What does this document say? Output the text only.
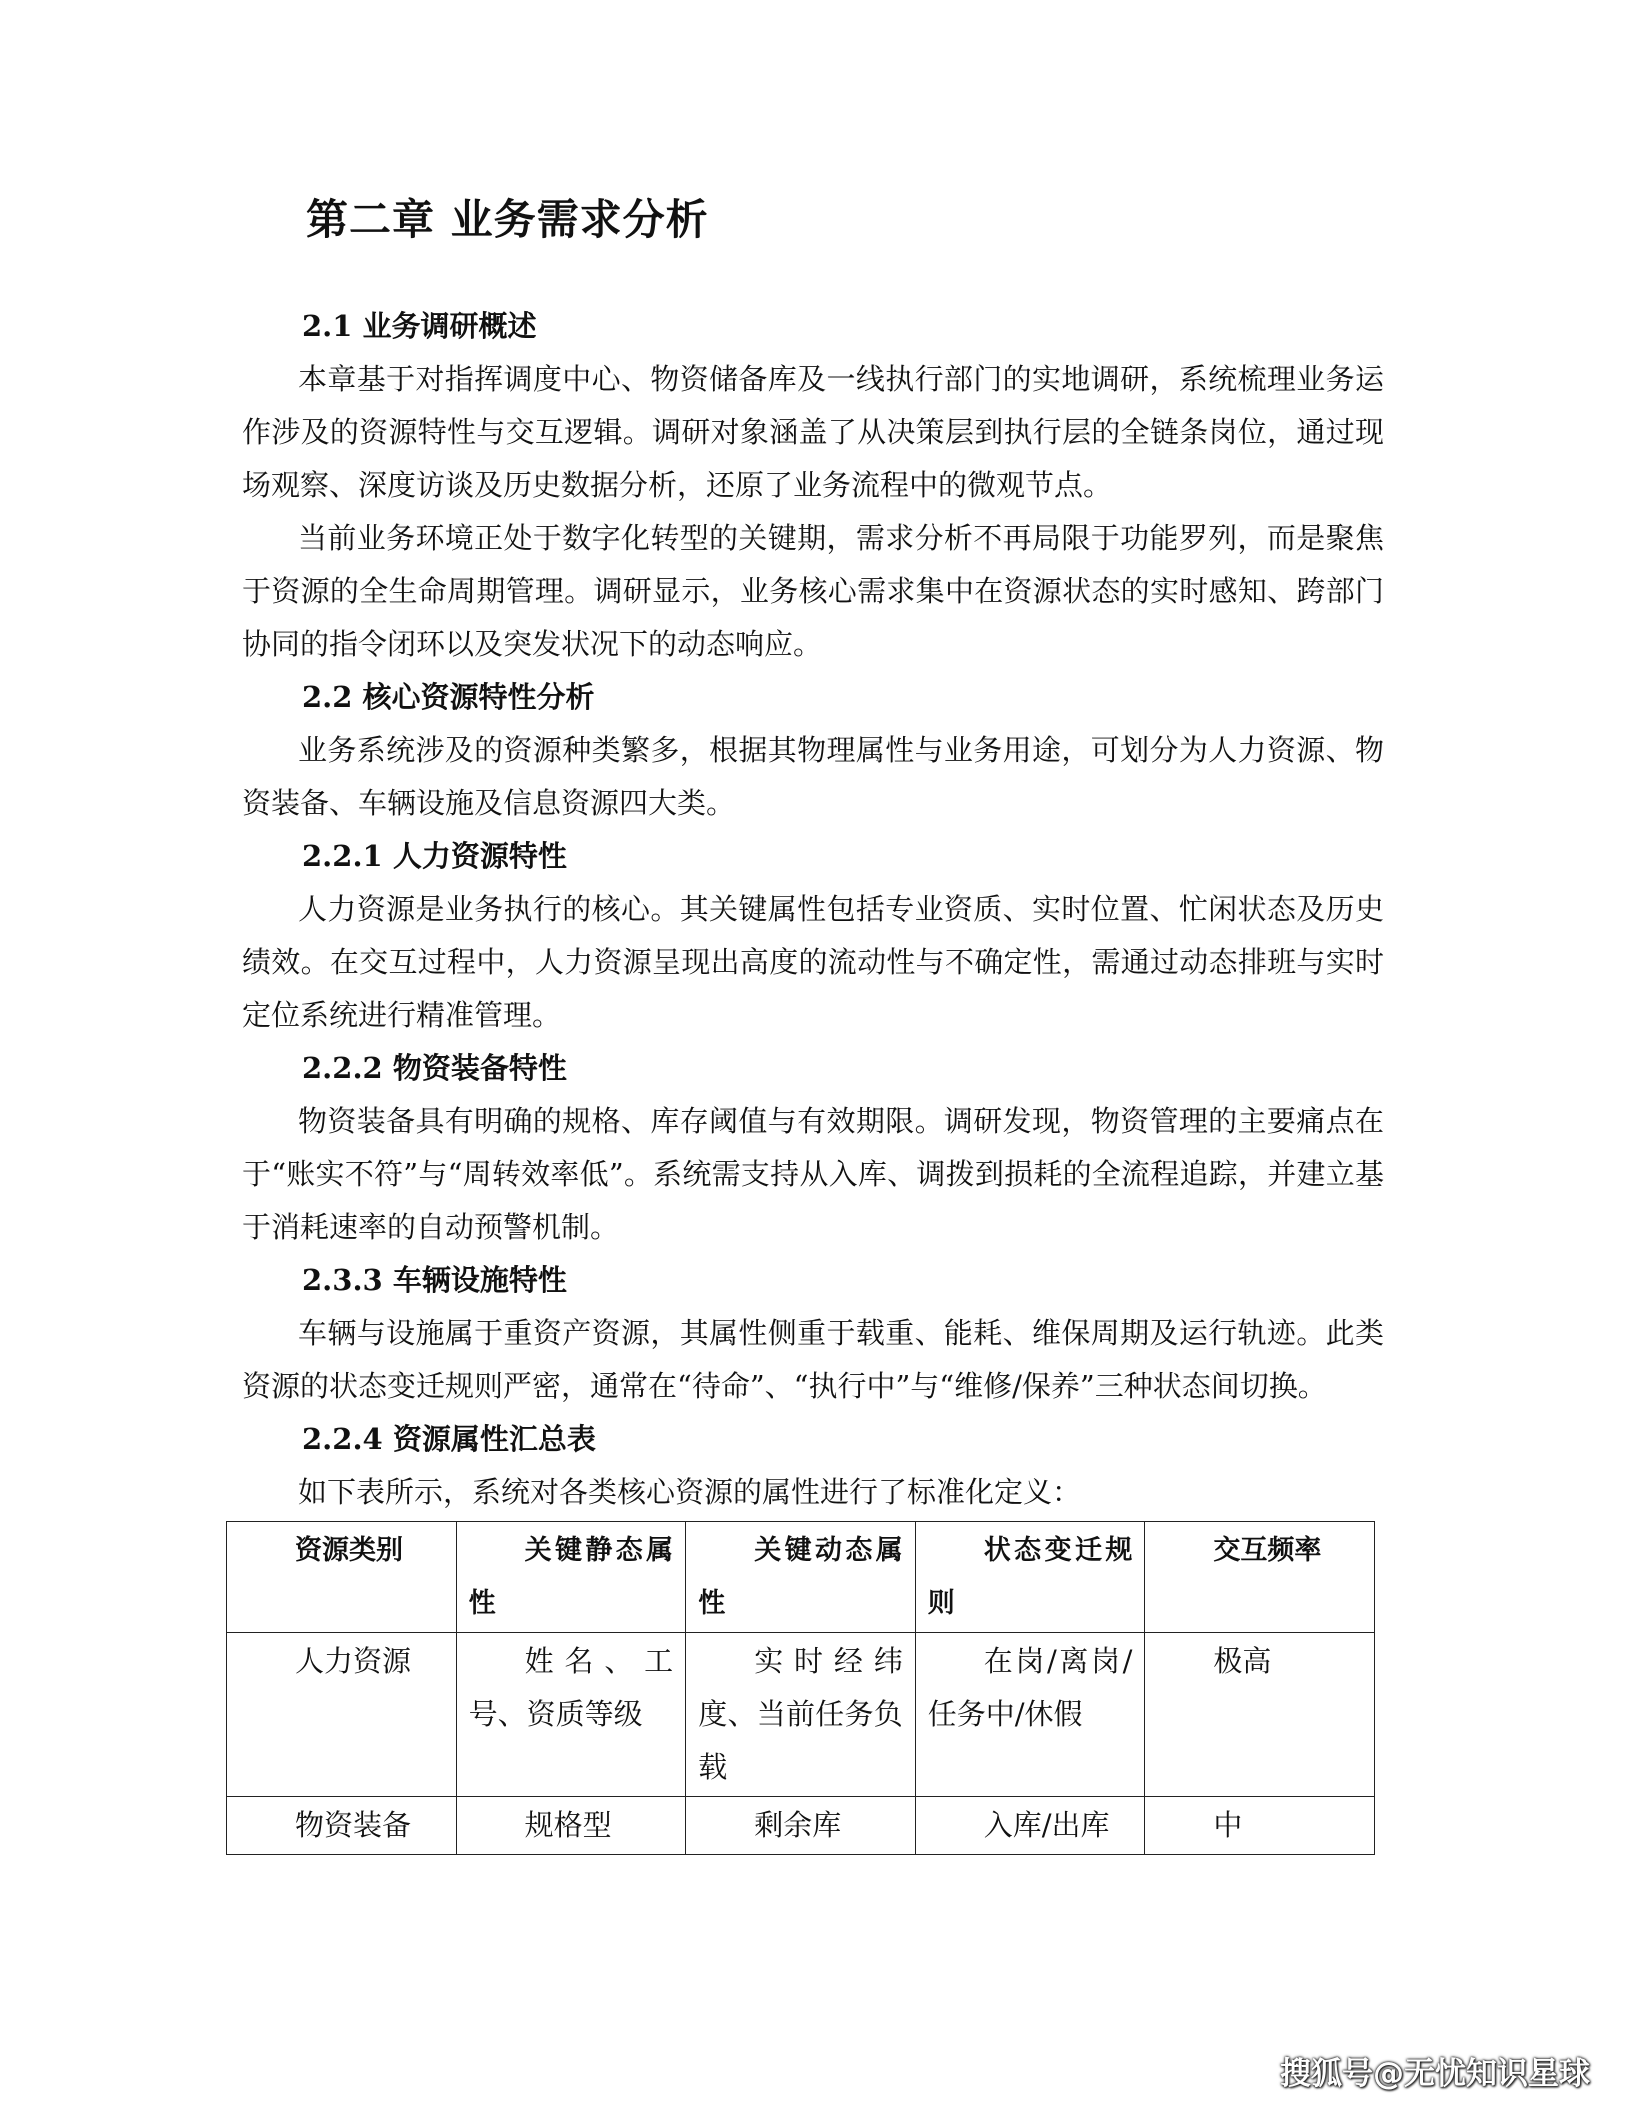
第二章 业务需求分析
2.1 业务调研概述

本章基于对指挥调度中心、物资储备库及一线执行部门的实地调研，系统梳理业务运作涉及的资源特性与交互逻辑。调研对象涵盖了从决策层到执行层的全链条岗位，通过现场观察、深度访谈及历史数据分析，还原了业务流程中的微观节点。

当前业务环境正处于数字化转型的关键期，需求分析不再局限于功能罗列，而是聚焦于资源的全生命周期管理。调研显示，业务核心需求集中在资源状态的实时感知、跨部门协同的指令闭环以及突发状况下的动态响应。

2.2 核心资源特性分析

业务系统涉及的资源种类繁多，根据其物理属性与业务用途，可划分为人力资源、物资装备、车辆设施及信息资源四大类。

2.2.1 人力资源特性

人力资源是业务执行的核心。其关键属性包括专业资质、实时位置、忙闲状态及历史绩效。在交互过程中，人力资源呈现出高度的流动性与不确定性，需通过动态排班与实时定位系统进行精准管理。

2.2.2 物资装备特性

物资装备具有明确的规格、库存阈值与有效期限。调研发现，物资管理的主要痛点在于“账实不符”与“周转效率低”。系统需支持从入库、调拨到损耗的全流程追踪，并建立基于消耗速率的自动预警机制。

2.3.3 车辆设施特性

车辆与设施属于重资产资源，其属性侧重于载重、能耗、维保周期及运行轨迹。此类资源的状态变迁规则严密，通常在“待命”、“执行中”与“维修/保养”三种状态间切换。

2.2.4 资源属性汇总表

如下表所示，系统对各类核心资源的属性进行了标准化定义：

资源类别	关键静态属性	关键动态属性	状态变迁规则	交互频率
人力资源	姓名、工号、资质等级	实时经纬度、当前任务负载	在岗/离岗/任务中/休假	极高
物资装备	规格型	剩余库	入库/出库	中
搜狐号@无忧知识星球
